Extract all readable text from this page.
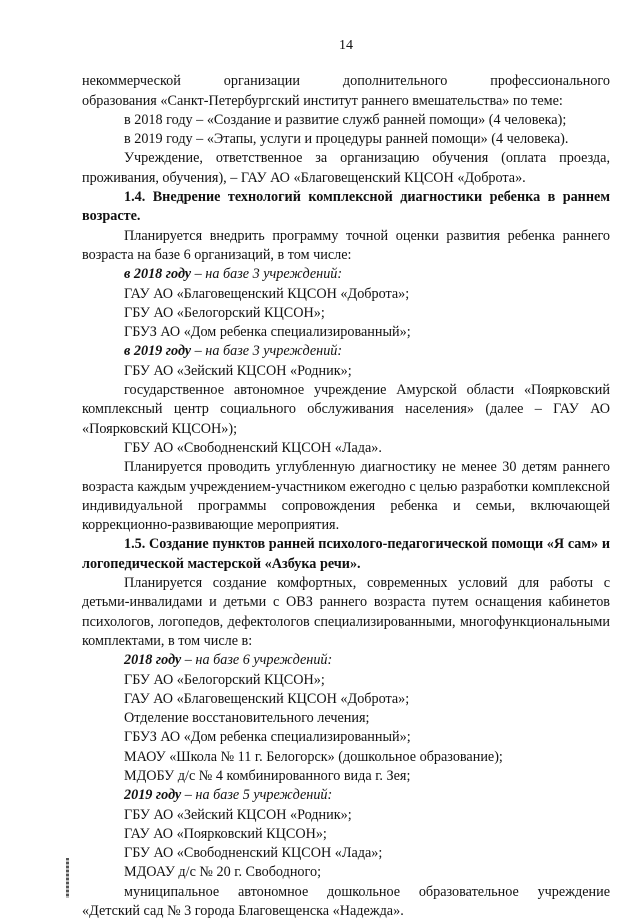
14

некоммерческой организации дополнительного профессионального

образования «Санкт-Петербургский институт раннего вмешательства» по теме:

в 2018 году – «Создание и развитие служб ранней помощи» (4 человека);

в 2019 году – «Этапы, услуги и процедуры ранней помощи» (4 человека).

Учреждение, ответственное за организацию обучения (оплата проезда, проживания, обучения), – ГАУ АО «Благовещенский КЦСОН «Доброта».

1.4. Внедрение технологий комплексной диагностики ребенка в раннем возрасте.

Планируется внедрить программу точной оценки развития ребенка раннего возраста на базе 6 организаций, в том числе:

в 2018 году – на базе 3 учреждений:

ГАУ АО «Благовещенский КЦСОН «Доброта»;

ГБУ АО «Белогорский КЦСОН»;

ГБУЗ АО «Дом ребенка специализированный»;

в 2019 году – на базе 3 учреждений:

ГБУ АО «Зейский КЦСОН «Родник»;

государственное автономное учреждение Амурской области «Поярковский комплексный центр социального обслуживания населения» (далее – ГАУ АО «Поярковский КЦСОН»);

ГБУ АО «Свободненский КЦСОН «Лада».

Планируется проводить углубленную диагностику не менее 30 детям раннего возраста каждым учреждением-участником ежегодно с целью разработки комплексной индивидуальной программы сопровождения ребенка и семьи, включающей коррекционно-развивающие мероприятия.

1.5. Создание пунктов ранней психолого-педагогической помощи «Я сам» и логопедической мастерской «Азбука речи».

Планируется создание комфортных, современных условий для работы с детьми-инвалидами и детьми с ОВЗ раннего возраста путем оснащения кабинетов психологов, логопедов, дефектологов специализированными, многофункциональными комплектами, в том числе в:

2018 году – на базе 6 учреждений:

ГБУ АО «Белогорский КЦСОН»;

ГАУ АО «Благовещенский КЦСОН «Доброта»;

Отделение восстановительного лечения;

ГБУЗ АО «Дом ребенка специализированный»;

МАОУ «Школа № 11 г. Белогорск» (дошкольное образование);

МДОБУ д/с № 4 комбинированного вида г. Зея;

2019 году – на базе 5 учреждений:

ГБУ АО «Зейский КЦСОН «Родник»;

ГАУ АО «Поярковский КЦСОН»;

ГБУ АО «Свободненский КЦСОН «Лада»;

МДОАУ д/с № 20 г. Свободного;

муниципальное автономное дошкольное образовательное учреждение «Детский сад № 3 города Благовещенска «Надежда».
